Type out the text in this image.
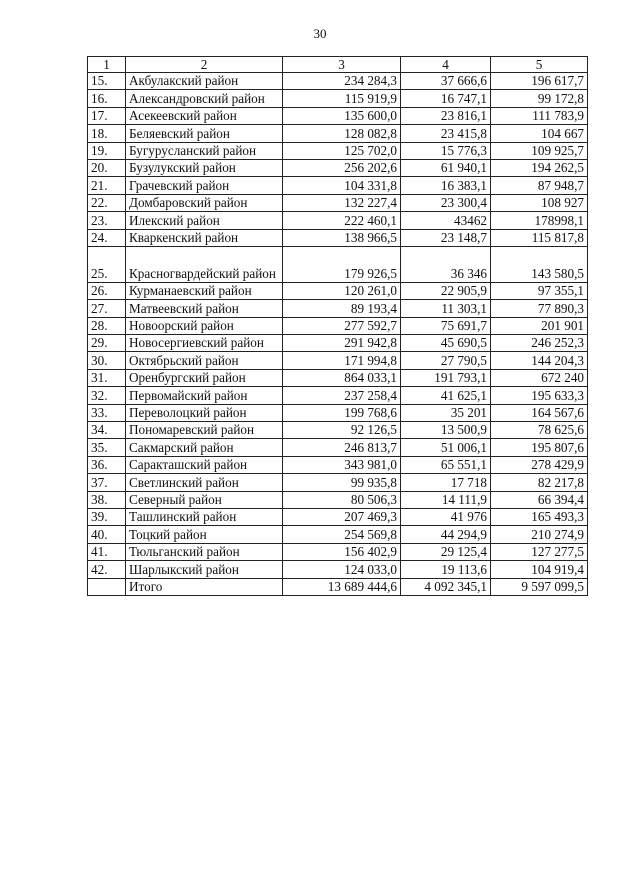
30
1	2	3	4	5
15.	Акбулакский район	234 284,3	37 666,6	196 617,7
16.	Александровский район	115 919,9	16 747,1	99 172,8
17.	Асекеевский район	135 600,0	23 816,1	111 783,9
18.	Беляевский район	128 082,8	23 415,8	104 667
19.	Бугурусланский район	125 702,0	15 776,3	109 925,7
20.	Бузулукский район	256 202,6	61 940,1	194 262,5
21.	Грачевский район	104 331,8	16 383,1	87 948,7
22.	Домбаровский район	132 227,4	23 300,4	108 927
23.	Илекский район	222 460,1	43462	178998,1
24.	Кваркенский район	138 966,5	23 148,7	115 817,8
25.	Красногвардейский район	179 926,5	36 346	143 580,5
26.	Курманаевский район	120 261,0	22 905,9	97 355,1
27.	Матвеевский район	89 193,4	11 303,1	77 890,3
28.	Новоорский район	277 592,7	75 691,7	201 901
29.	Новосергиевский район	291 942,8	45 690,5	246 252,3
30.	Октябрьский район	171 994,8	27 790,5	144 204,3
31.	Оренбургский район	864 033,1	191 793,1	672 240
32.	Первомайский район	237 258,4	41 625,1	195 633,3
33.	Переволоцкий район	199 768,6	35 201	164 567,6
34.	Пономаревский район	92 126,5	13 500,9	78 625,6
35.	Сакмарский район	246 813,7	51 006,1	195 807,6
36.	Саракташский район	343 981,0	65 551,1	278 429,9
37.	Светлинский район	99 935,8	17 718	82 217,8
38.	Северный район	80 506,3	14 111,9	66 394,4
39.	Ташлинский район	207 469,3	41 976	165 493,3
40.	Тоцкий район	254 569,8	44 294,9	210 274,9
41.	Тюльганский район	156 402,9	29 125,4	127 277,5
42.	Шарлыкский район	124 033,0	19 113,6	104 919,4
	Итого	13 689 444,6	4 092 345,1	9 597 099,5
